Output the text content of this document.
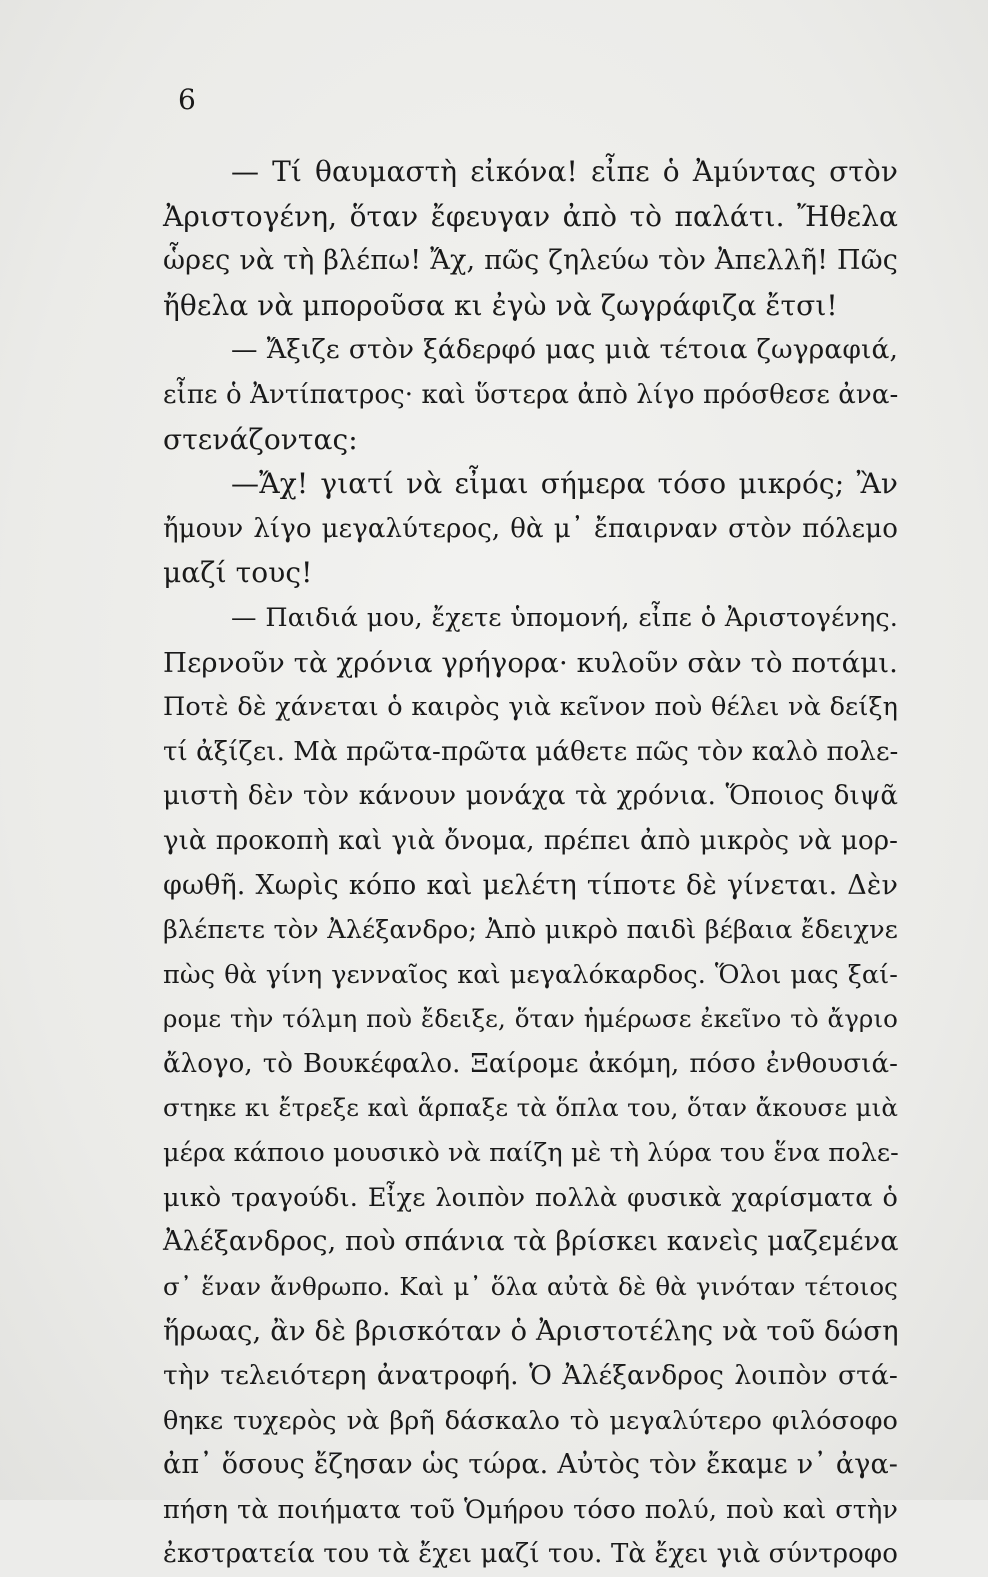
6
— Τί θαυμαστὴ εἰκόνα! εἶπε ὁ Ἀμύντας στὸν
Ἀριστογένη, ὅταν ἔφευγαν ἀπὸ τὸ παλάτι. Ἤθελα
ὧρες νὰ τὴ βλέπω! Ἄχ, πῶς ζηλεύω τὸν Ἀπελλῆ! Πῶς
ἤθελα νὰ μποροῦσα κι ἐγὼ νὰ ζωγράφιζα ἔτσι!
— Ἄξιζε στὸν ξάδερφό μας μιὰ τέτοια ζωγραφιά,
εἶπε ὁ Ἀντίπατρος· καὶ ὕστερα ἀπὸ λίγο πρόσθεσε ἀνα-
στενάζοντας:
—Ἄχ! γιατί νὰ εἶμαι σήμερα τόσο μικρός; Ἂν
ἤμουν λίγο μεγαλύτερος, θὰ μ᾽ ἔπαιρναν στὸν πόλεμο
μαζί τους!
— Παιδιά μου, ἔχετε ὑπομονή, εἶπε ὁ Ἀριστογένης.
Περνοῦν τὰ χρόνια γρήγορα· κυλοῦν σὰν τὸ ποτάμι.
Ποτὲ δὲ χάνεται ὁ καιρὸς γιὰ κεῖνον ποὺ θέλει νὰ δείξη
τί ἀξίζει. Μὰ πρῶτα-πρῶτα μάθετε πῶς τὸν καλὸ πολε-
μιστὴ δὲν τὸν κάνουν μονάχα τὰ χρόνια. Ὅποιος διψᾶ
γιὰ προκοπὴ καὶ γιὰ ὄνομα, πρέπει ἀπὸ μικρὸς νὰ μορ-
φωθῆ. Χωρὶς κόπο καὶ μελέτη τίποτε δὲ γίνεται. Δὲν
βλέπετε τὸν Ἀλέξανδρο; Ἀπὸ μικρὸ παιδὶ βέβαια ἔδειχνε
πὼς θὰ γίνη γενναῖος καὶ μεγαλόκαρδος. Ὅλοι μας ξαί-
ρομε τὴν τόλμη ποὺ ἔδειξε, ὅταν ἡμέρωσε ἐκεῖνο τὸ ἄγριο
ἄλογο, τὸ Βουκέφαλο. Ξαίρομε ἀκόμη, πόσο ἐνθουσιά-
στηκε κι ἔτρεξε καὶ ἅρπαξε τὰ ὅπλα του, ὅταν ἄκουσε μιὰ
μέρα κάποιο μουσικὸ νὰ παίζη μὲ τὴ λύρα του ἕνα πολε-
μικὸ τραγούδι. Εἶχε λοιπὸν πολλὰ φυσικὰ χαρίσματα ὁ
Ἀλέξανδρος, ποὺ σπάνια τὰ βρίσκει κανεὶς μαζεμένα
σ᾽ ἕναν ἄνθρωπο. Καὶ μ᾽ ὅλα αὐτὰ δὲ θὰ γινόταν τέτοιος
ἥρωας, ἂν δὲ βρισκόταν ὁ Ἀριστοτέλης νὰ τοῦ δώση
τὴν τελειότερη ἀνατροφή. Ὁ Ἀλέξανδρος λοιπὸν στά-
θηκε τυχερὸς νὰ βρῆ δάσκαλο τὸ μεγαλύτερο φιλόσοφο
ἀπ᾽ ὅσους ἔζησαν ὡς τώρα. Αὐτὸς τὸν ἔκαμε ν᾽ ἀγα-
πήση τὰ ποιήματα τοῦ Ὁμήρου τόσο πολύ, ποὺ καὶ στὴν
ἐκστρατεία του τὰ ἔχει μαζί του. Τὰ ἔχει γιὰ σύντροφο
